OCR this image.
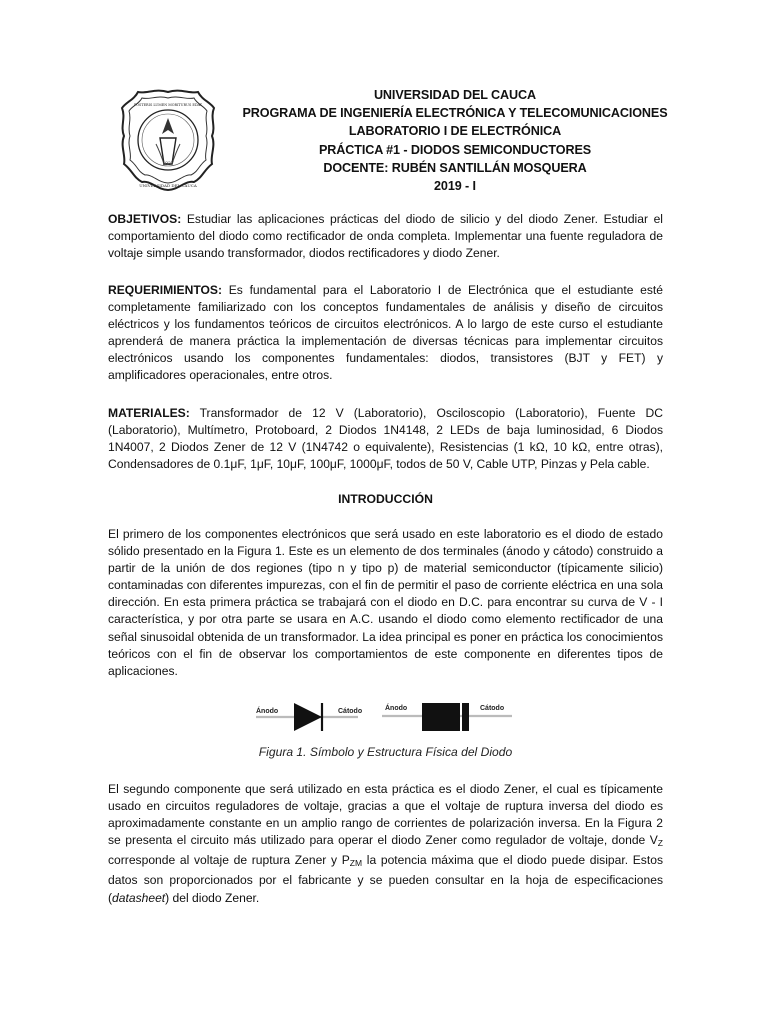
1827
UNIVERSIDAD DEL CAUCA
POSTERIS LUMEN MORITURUS EDAT
UNIVERSIDAD DEL CAUCA
PROGRAMA DE INGENIERÍA ELECTRÓNICA Y TELECOMUNICACIONES
LABORATORIO I DE ELECTRÓNICA
PRÁCTICA #1 - DIODOS SEMICONDUCTORES
DOCENTE: RUBÉN SANTILLÁN MOSQUERA
2019 - I
OBJETIVOS: Estudiar las aplicaciones prácticas del diodo de silicio y del diodo Zener. Estudiar el comportamiento del diodo como rectificador de onda completa. Implementar una fuente reguladora de voltaje simple usando transformador, diodos rectificadores y diodo Zener.
REQUERIMIENTOS: Es fundamental para el Laboratorio I de Electrónica que el estudiante esté completamente familiarizado con los conceptos fundamentales de análisis y diseño de circuitos eléctricos y los fundamentos teóricos de circuitos electrónicos. A lo largo de este curso el estudiante aprenderá de manera práctica la implementación de diversas técnicas para implementar circuitos electrónicos usando los componentes fundamentales: diodos, transistores (BJT y FET) y amplificadores operacionales, entre otros.
MATERIALES: Transformador de 12 V (Laboratorio), Osciloscopio (Laboratorio), Fuente DC (Laboratorio), Multímetro, Protoboard, 2 Diodos 1N4148, 2 LEDs de baja luminosidad, 6 Diodos 1N4007, 2 Diodos Zener de 12 V (1N4742 o equivalente), Resistencias (1 kΩ, 10 kΩ, entre otras), Condensadores de 0.1μF, 1μF, 10μF, 100μF, 1000μF, todos de 50 V, Cable UTP, Pinzas y Pela cable.
INTRODUCCIÓN
El primero de los componentes electrónicos que será usado en este laboratorio es el diodo de estado sólido presentado en la Figura 1. Este es un elemento de dos terminales (ánodo y cátodo) construido a partir de la unión de dos regiones (tipo n y tipo p) de material semiconductor (típicamente silicio) contaminadas con diferentes impurezas, con el fin de permitir el paso de corriente eléctrica en una sola dirección. En esta primera práctica se trabajará con el diodo en D.C. para encontrar su curva de V - I característica, y por otra parte se usara en A.C. usando el diodo como elemento rectificador de una señal sinusoidal obtenida de un transformador. La idea principal es poner en práctica los conocimientos teóricos con el fin de observar los comportamientos de este componente en diferentes tipos de aplicaciones.
Ánodo	Cátodo	Ánodo	Cátodo
Figura 1. Símbolo y Estructura Física del Diodo
El segundo componente que será utilizado en esta práctica es el diodo Zener, el cual es típicamente usado en circuitos reguladores de voltaje, gracias a que el voltaje de ruptura inversa del diodo es aproximadamente constante en un amplio rango de corrientes de polarización inversa. En la Figura 2 se presenta el circuito más utilizado para operar el diodo Zener como regulador de voltaje, donde $V_Z$ corresponde al voltaje de ruptura Zener y $P_{ZM}$ la potencia máxima que el diodo puede disipar. Estos datos son proporcionados por el fabricante y se pueden consultar en la hoja de especificaciones (datasheet) del diodo Zener.
